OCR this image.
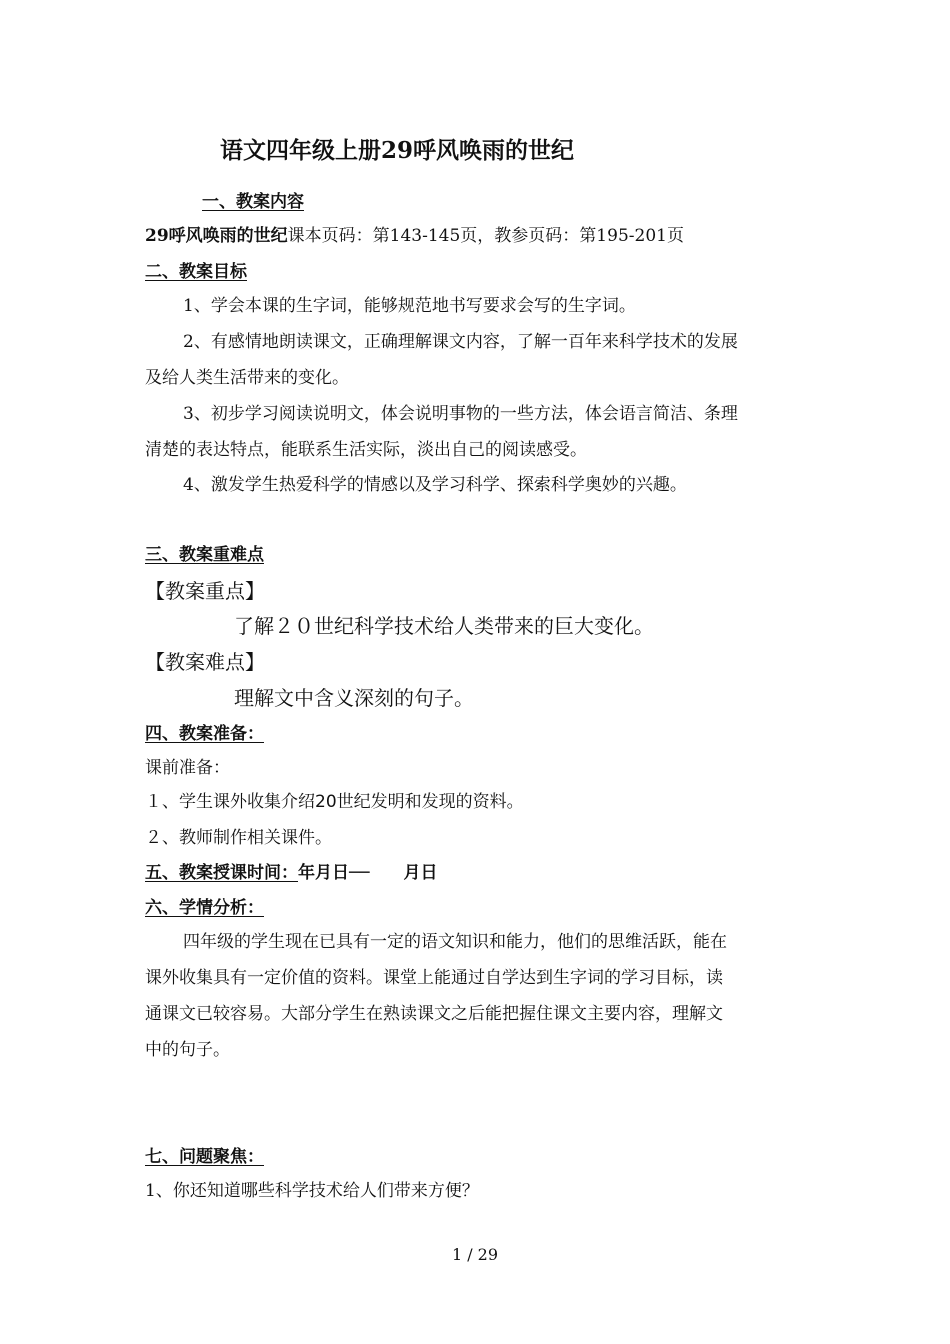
语文四年级上册29呼风唤雨的世纪
一、教案内容
29呼风唤雨的世纪课本页码：第143-145页，教参页码：第195-201页
二、教案目标
1、学会本课的生字词，能够规范地书写要求会写的生字词。
2、有感情地朗读课文，正确理解课文内容，了解一百年来科学技术的发展
及给人类生活带来的变化。
3、初步学习阅读说明文，体会说明事物的一些方法，体会语言简洁、条理
清楚的表达特点，能联系生活实际，淡出自己的阅读感受。
4、激发学生热爱科学的情感以及学习科学、探索科学奥妙的兴趣。
三、教案重难点
【教案重点】
了解２０世纪科学技术给人类带来的巨大变化。
【教案难点】
理解文中含义深刻的句子。
四、教案准备：
课前准备：
１、学生课外收集介绍20世纪发明和发现的资料。
２、教师制作相关课件。
五、教案授课时间：年月日──　　月日
六、学情分析：
四年级的学生现在已具有一定的语文知识和能力，他们的思维活跃，能在
课外收集具有一定价值的资料。课堂上能通过自学达到生字词的学习目标，读
通课文已较容易。大部分学生在熟读课文之后能把握住课文主要内容，理解文
中的句子。
七、问题聚焦：
1、你还知道哪些科学技术给人们带来方便？
1 / 29
